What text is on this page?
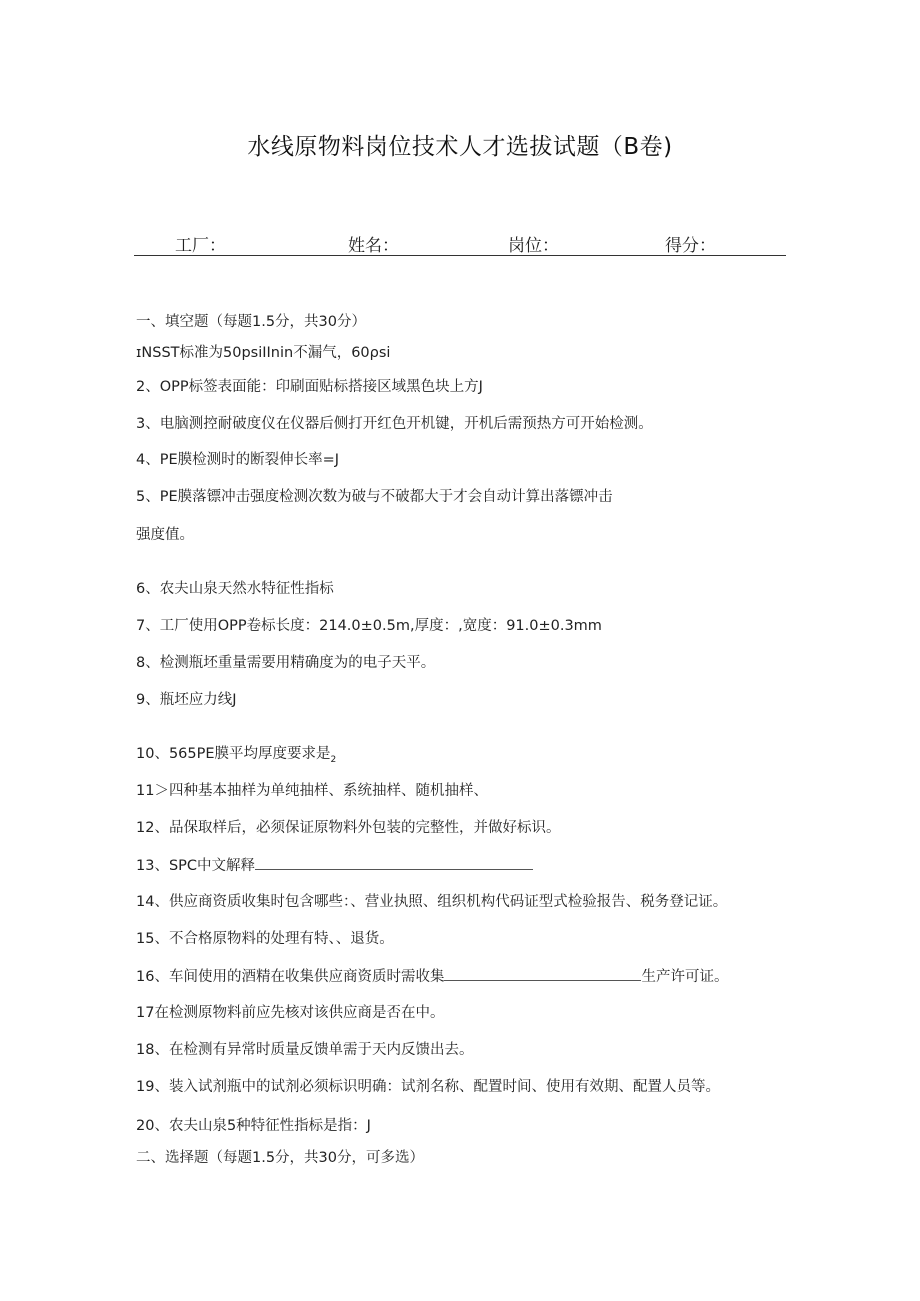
水线原物料岗位技术人才选拔试题（B卷)
工厂：	姓名：	岗位：	得分：
一、填空题（每题1.5分，共30分）
ɪNSST标准为50psiIInin不漏气，60ρsi
2、OPP标签表面能：印刷面贴标搭接区域黑色块上方J
3、电脑测控耐破度仪在仪器后侧打开红色开机键，开机后需预热方可开始检测。
4、PE膜检测时的断裂伸长率=J
5、PE膜落镖冲击强度检测次数为破与不破都大于才会自动计算出落镖冲击
强度值。
6、农夫山泉天然水特征性指标
7、工厂使用OPP卷标长度：214.0±0.5m,厚度：,宽度：91.0±0.3mm
8、检测瓶坯重量需要用精确度为的电子天平。
9、瓶坯应力线J
10、565PE膜平均厚度要求是$_2$
11＞四种基本抽样为单纯抽样、系统抽样、随机抽样、
12、品保取样后，必须保证原物料外包装的完整性，并做好标识。
13、SPC中文解释
14、供应商资质收集时包含哪些：、营业执照、组织机构代码证型式检验报告、税务登记证。
15、不合格原物料的处理有特、、退货。
16、车间使用的酒精在收集供应商资质时需收集	生产许可证。
17在检测原物料前应先核对该供应商是否在中。
18、在检测有异常时质量反馈单需于天内反馈出去。
19、装入试剂瓶中的试剂必须标识明确：试剂名称、配置时间、使用有效期、配置人员等。
20、农夫山泉5种特征性指标是指：J
二、选择题（每题1.5分，共30分，可多选）
